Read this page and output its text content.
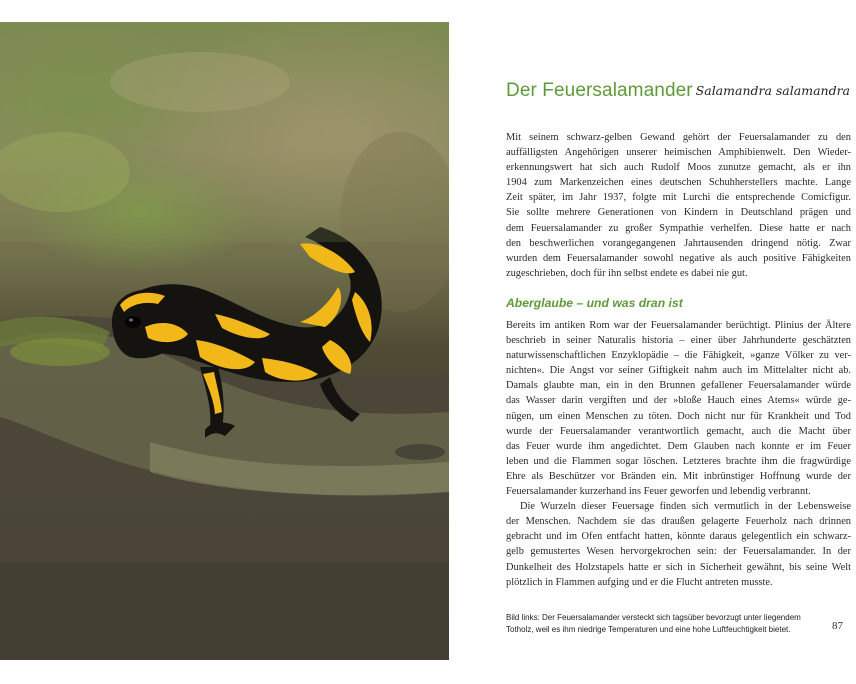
Der Feuersalamander Salamandra salamandra
Mit seinem schwarz-gelben Gewand gehört der Feuersalamander zu den
auffälligsten Angehörigen unserer heimischen Amphibienwelt. Den Wieder-
erkennungswert hat sich auch Rudolf Moos zunutze gemacht, als er ihn
1904 zum Markenzeichen eines deutschen Schuhherstellers machte. Lange
Zeit später, im Jahr 1937, folgte mit Lurchi die entsprechende Comicfigur.
Sie sollte mehrere Generationen von Kindern in Deutschland prägen und
dem Feuersalamander zu großer Sympathie verhelfen. Diese hatte er nach
den beschwerlichen vorangegangenen Jahrtausenden dringend nötig. Zwar
wurden dem Feuersalamander sowohl negative als auch positive Fähigkeiten
zugeschrieben, doch für ihn selbst endete es dabei nie gut.
Aberglaube – und was dran ist
Bereits im antiken Rom war der Feuersalamander berüchtigt. Plinius der Ältere
beschrieb in seiner Naturalis historia – einer über Jahrhunderte geschätzten
naturwissenschaftlichen Enzyklopädie – die Fähigkeit, »ganze Völker zu ver-
nichten«. Die Angst vor seiner Giftigkeit nahm auch im Mittelalter nicht ab.
Damals glaubte man, ein in den Brunnen gefallener Feuersalamander würde
das Wasser darin vergiften und der »bloße Hauch eines Atems« würde ge-
nügen, um einen Menschen zu töten. Doch nicht nur für Krankheit und Tod
wurde der Feuersalamander verantwortlich gemacht, auch die Macht über
das Feuer wurde ihm angedichtet. Dem Glauben nach konnte er im Feuer
leben und die Flammen sogar löschen. Letzteres brachte ihm die fragwürdige
Ehre als Beschützer vor Bränden ein. Mit inbrünstiger Hoffnung wurde der
Feuersalamander kurzerhand ins Feuer geworfen und lebendig verbrannt.
Die Wurzeln dieser Feuersage finden sich vermutlich in der Lebensweise
der Menschen. Nachdem sie das draußen gelagerte Feuerholz nach drinnen
gebracht und im Ofen entfacht hatten, könnte daraus gelegentlich ein schwarz-
gelb gemustertes Wesen hervorgekrochen sein: der Feuersalamander. In der
Dunkelheit des Holzstapels hatte er sich in Sicherheit gewähnt, bis seine Welt
plötzlich in Flammen aufging und er die Flucht antreten musste.
Bild links: Der Feuersalamander versteckt sich tagsüber bevorzugt unter liegendem
Totholz, weil es ihm niedrige Temperaturen und eine hohe Luftfeuchtigkeit bietet.	87
